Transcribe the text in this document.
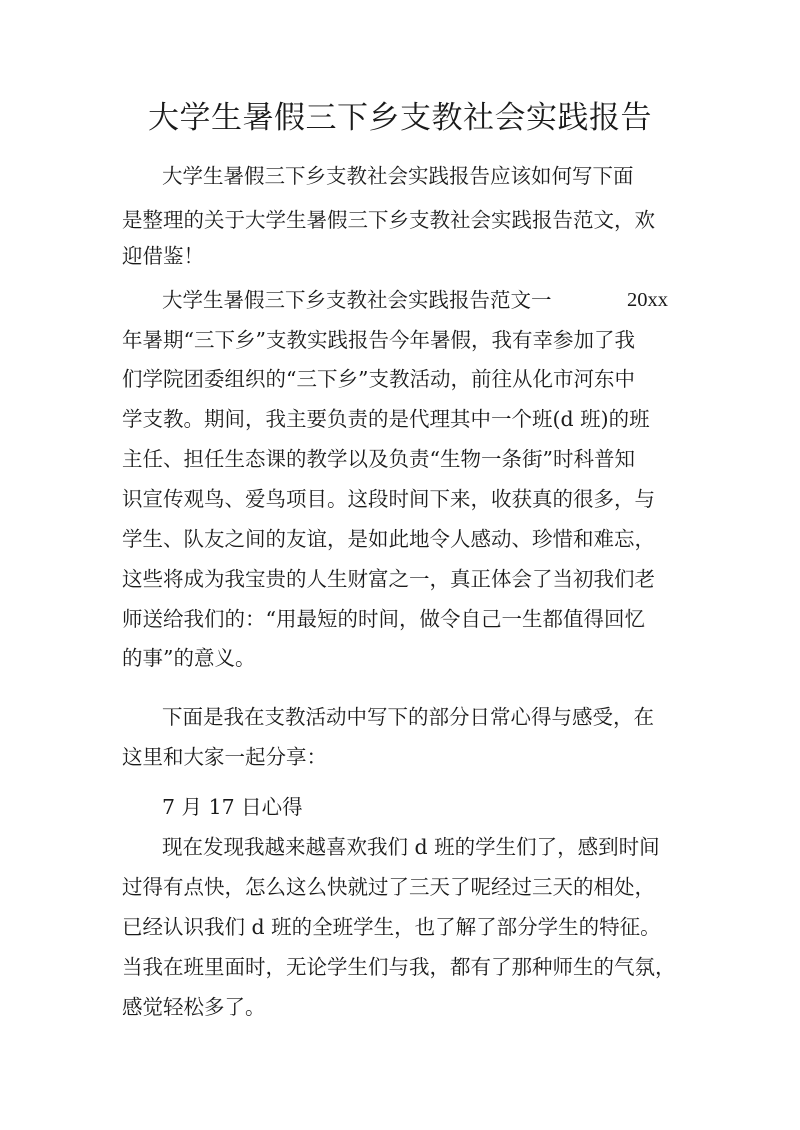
大学生暑假三下乡支教社会实践报告
大学生暑假三下乡支教社会实践报告应该如何写下面
是整理的关于大学生暑假三下乡支教社会实践报告范文，欢
迎借鉴！
大学生暑假三下乡支教社会实践报告范文一	20xx
年暑期“三下乡”支教实践报告今年暑假，我有幸参加了我
们学院团委组织的“三下乡”支教活动，前往从化市河东中
学支教。期间，我主要负责的是代理其中一个班(d 班)的班
主任、担任生态课的教学以及负责“生物一条街”时科普知
识宣传观鸟、爱鸟项目。这段时间下来，收获真的很多，与
学生、队友之间的友谊，是如此地令人感动、珍惜和难忘，
这些将成为我宝贵的人生财富之一，真正体会了当初我们老
师送给我们的：“用最短的时间，做令自己一生都值得回忆
的事”的意义。
下面是我在支教活动中写下的部分日常心得与感受，在
这里和大家一起分享：
7 月 17 日心得
现在发现我越来越喜欢我们 d 班的学生们了，感到时间
过得有点快，怎么这么快就过了三天了呢经过三天的相处，
已经认识我们 d 班的全班学生，也了解了部分学生的特征。
当我在班里面时，无论学生们与我，都有了那种师生的气氛，
感觉轻松多了。
